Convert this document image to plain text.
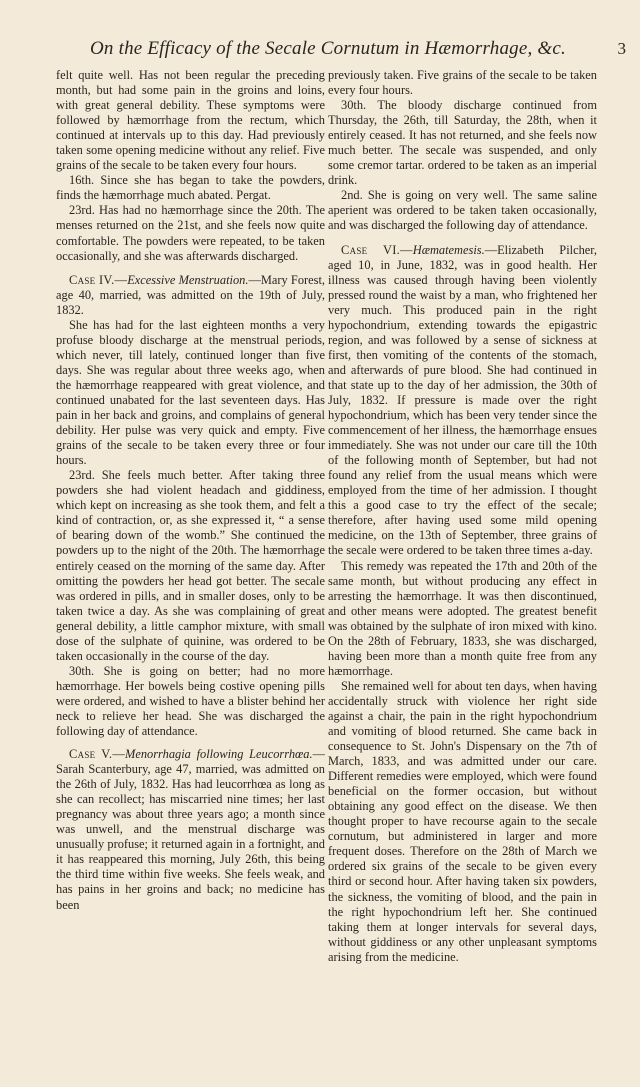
On the Efficacy of the Secale Cornutum in Hæmorrhage, &c.	3

felt quite well. Has not been regular the preceding month, but had some pain in the groins and loins, with great general debility. These symptoms were followed by hæmorrhage from the rectum, which continued at intervals up to this day. Had previously taken some opening medicine without any relief. Five grains of the secale to be taken every four hours.

16th. Since she has began to take the powders, finds the hæmorrhage much abated. Pergat.

23rd. Has had no hæmorrhage since the 20th. The menses returned on the 21st, and she feels now quite comfortable. The powders were repeated, to be taken occasionally, and she was afterwards discharged.

Case IV.—Excessive Menstruation.—Mary Forest, age 40, married, was admitted on the 19th of July, 1832.

She has had for the last eighteen months a very profuse bloody discharge at the menstrual periods, which never, till lately, continued longer than five days. She was regular about three weeks ago, when the hæmorrhage reappeared with great violence, and continued unabated for the last seventeen days. Has pain in her back and groins, and complains of general debility. Her pulse was very quick and empty. Five grains of the secale to be taken every three or four hours.

23rd. She feels much better. After taking three powders she had violent headach and giddiness, which kept on increasing as she took them, and felt a kind of contraction, or, as she expressed it, “ a sense of bearing down of the womb.” She continued the powders up to the night of the 20th. The hæmorrhage entirely ceased on the morning of the same day. After omitting the powders her head got better. The secale was ordered in pills, and in smaller doses, only to be taken twice a day. As she was complaining of great general debility, a little camphor mixture, with small dose of the sulphate of quinine, was ordered to be taken occasionally in the course of the day.

30th. She is going on better; had no more hæmorrhage. Her bowels being costive opening pills were ordered, and wished to have a blister behind her neck to relieve her head. She was discharged the following day of attendance.

Case V.—Menorrhagia following Leucorrhœa.—Sarah Scanterbury, age 47, married, was admitted on the 26th of July, 1832. Has had leucorrhœa as long as she can recollect; has miscarried nine times; her last pregnancy was about three years ago; a month since was unwell, and the menstrual discharge was unusually profuse; it returned again in a fortnight, and it has reappeared this morning, July 26th, this being the third time within five weeks. She feels weak, and has pains in her groins and back; no medicine has been

previously taken. Five grains of the secale to be taken every four hours.

30th. The bloody discharge continued from Thursday, the 26th, till Saturday, the 28th, when it entirely ceased. It has not returned, and she feels now much better. The secale was suspended, and only some cremor tartar. ordered to be taken as an imperial drink.

2nd. She is going on very well. The same saline aperient was ordered to be taken taken occasionally, and was discharged the following day of attendance.

Case VI.—Hæmatemesis.—Elizabeth Pilcher, aged 10, in June, 1832, was in good health. Her illness was caused through having been violently pressed round the waist by a man, who frightened her very much. This produced pain in the right hypochondrium, extending towards the epigastric region, and was followed by a sense of sickness at first, then vomiting of the contents of the stomach, and afterwards of pure blood. She had continued in that state up to the day of her admission, the 30th of July, 1832. If pressure is made over the right hypochondrium, which has been very tender since the commencement of her illness, the hæmorrhage ensues immediately. She was not under our care till the 10th of the following month of September, but had not found any relief from the usual means which were employed from the time of her admission. I thought this a good case to try the effect of the secale; therefore, after having used some mild opening medicine, on the 13th of September, three grains of the secale were ordered to be taken three times a-day.

This remedy was repeated the 17th and 20th of the same month, but without producing any effect in arresting the hæmorrhage. It was then discontinued, and other means were adopted. The greatest benefit was obtained by the sulphate of iron mixed with kino. On the 28th of February, 1833, she was discharged, having been more than a month quite free from any hæmorrhage.

She remained well for about ten days, when having accidentally struck with violence her right side against a chair, the pain in the right hypochondrium and vomiting of blood returned. She came back in consequence to St. John's Dispensary on the 7th of March, 1833, and was admitted under our care. Different remedies were employed, which were found beneficial on the former occasion, but without obtaining any good effect on the disease. We then thought proper to have recourse again to the secale cornutum, but administered in larger and more frequent doses. Therefore on the 28th of March we ordered six grains of the secale to be given every third or second hour. After having taken six powders, the sickness, the vomiting of blood, and the pain in the right hypochondrium left her. She continued taking them at longer intervals for several days, without giddiness or any other unpleasant symptoms arising from the medicine.
